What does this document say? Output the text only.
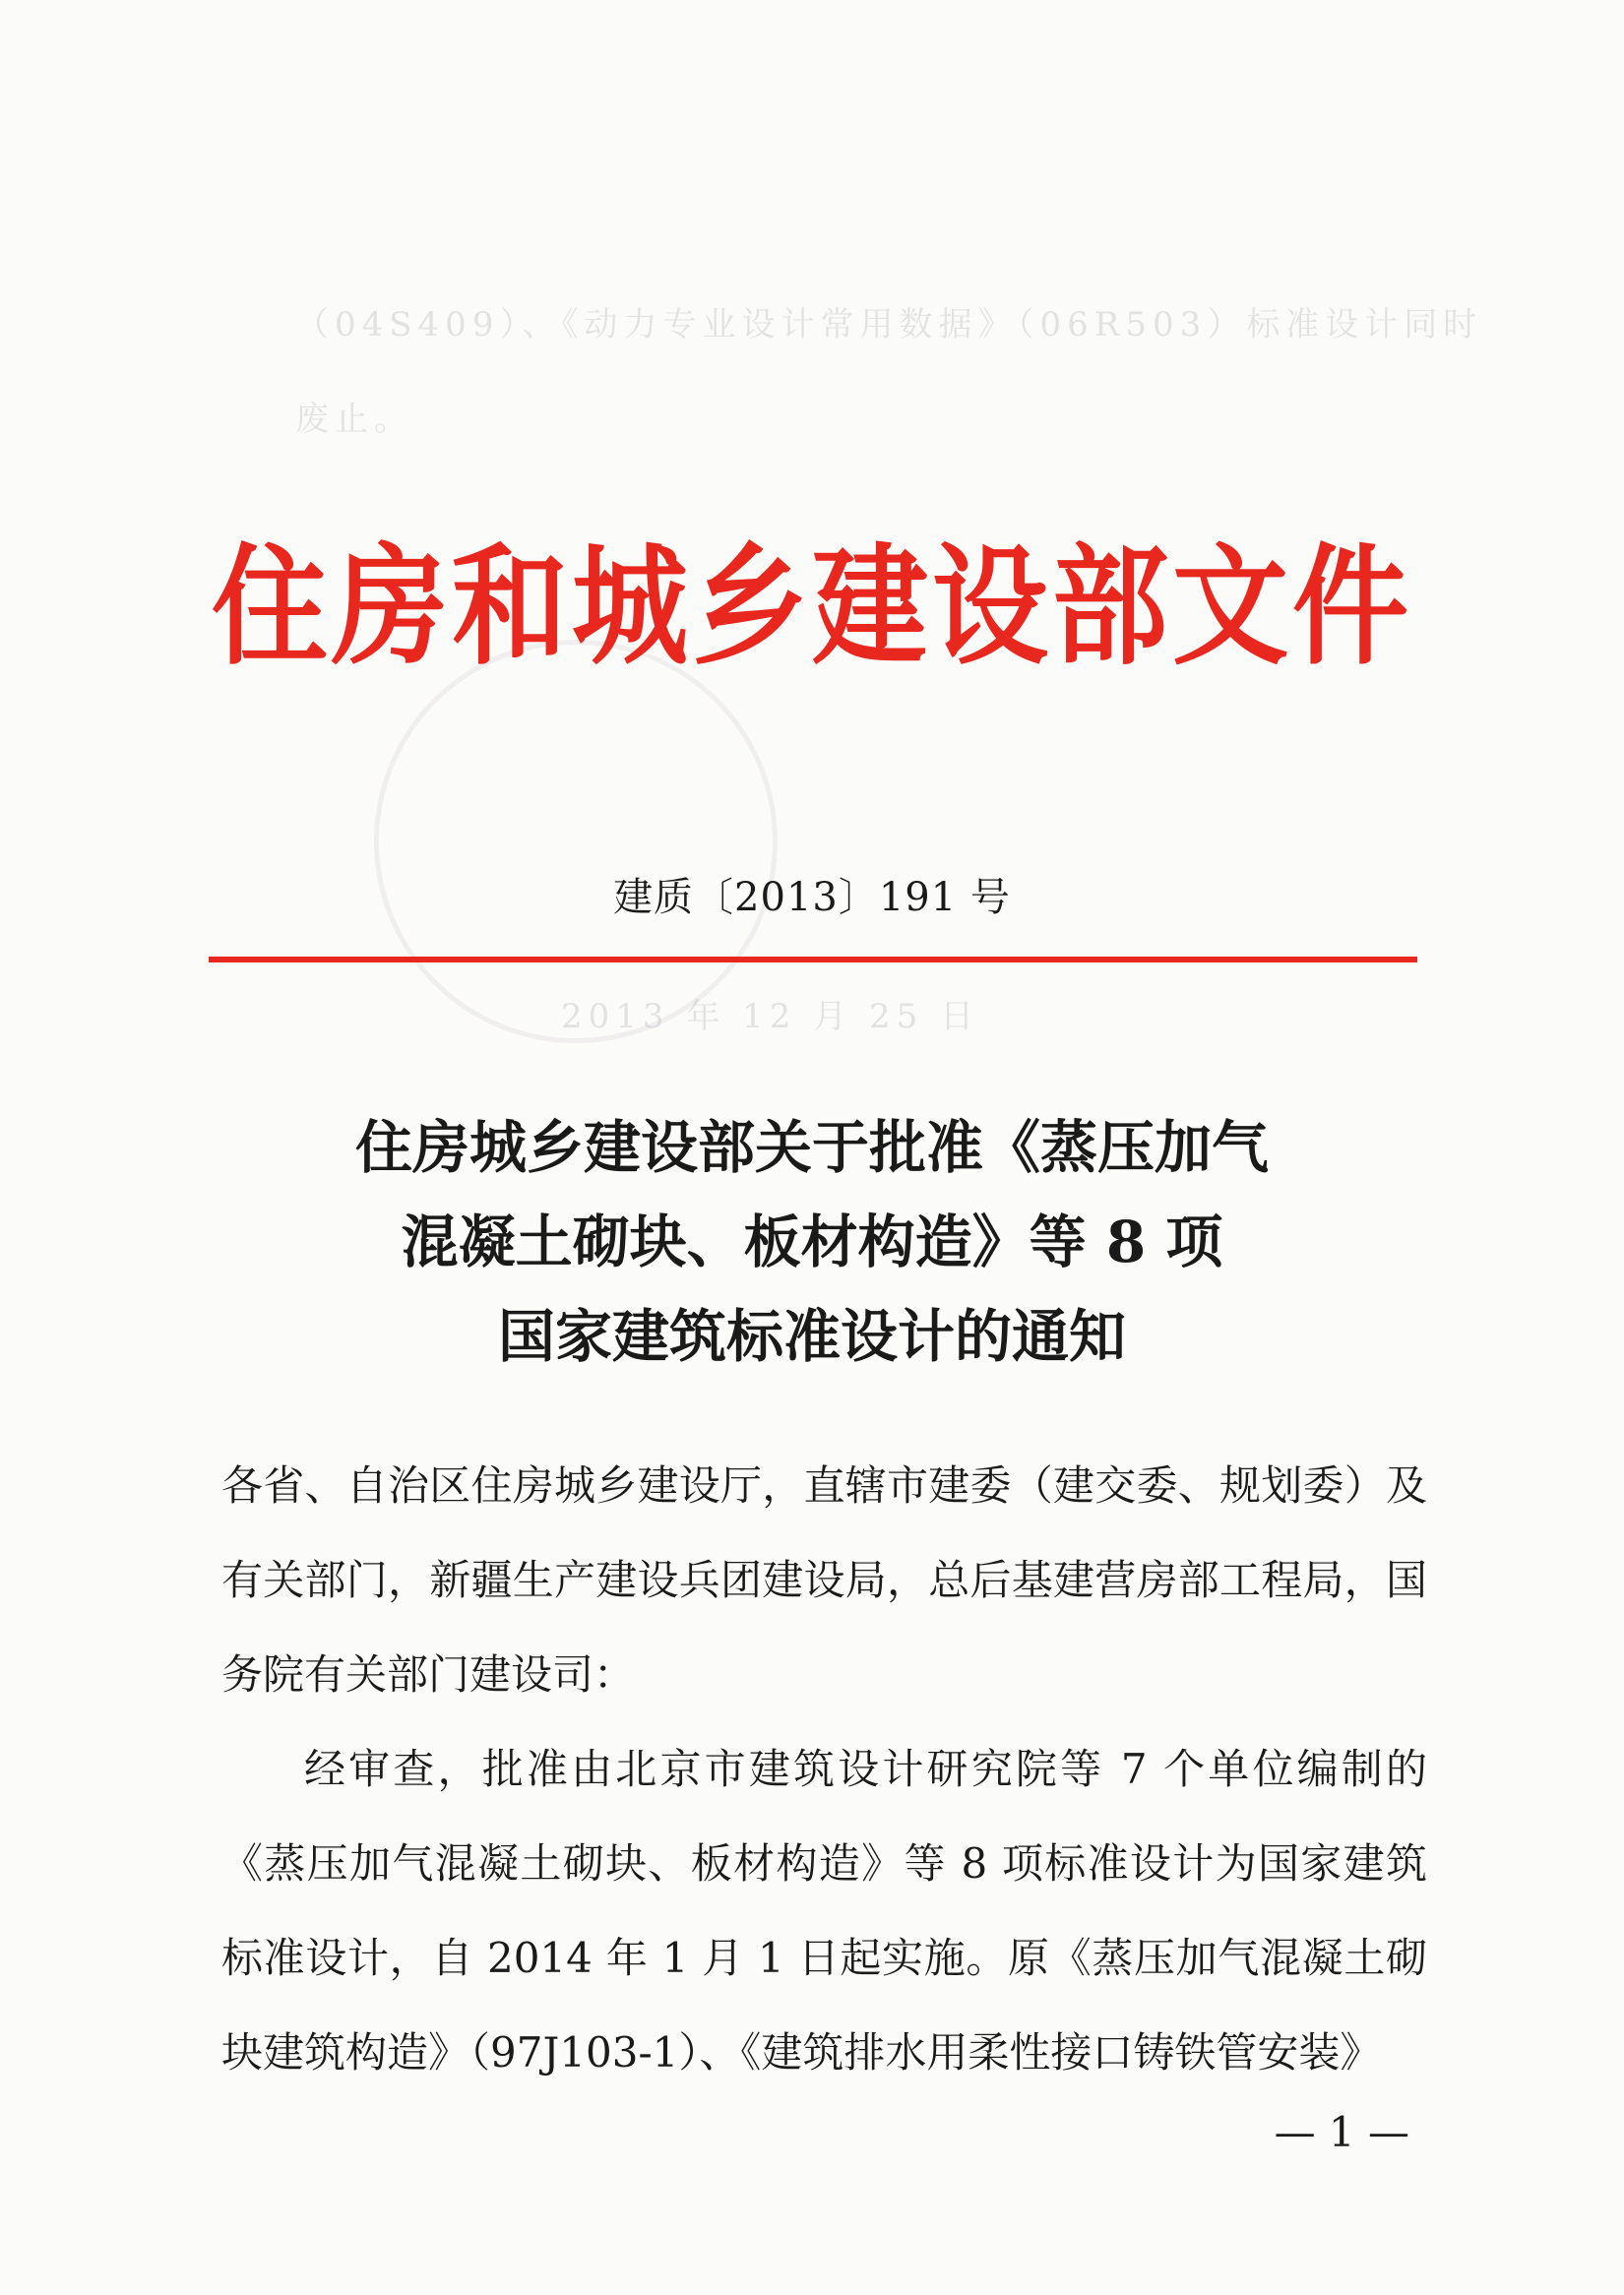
（04S409）、《动力专业设计常用数据》（06R503）标准设计同时
废止。
2013 年 12 月 25 日
住房和城乡建设部文件
建质〔2013〕191 号
住房城乡建设部关于批准《蒸压加气
混凝土砌块、板材构造》等 8 项
国家建筑标准设计的通知
各省、自治区住房城乡建设厅，直辖市建委（建交委、规划委）及有关部门，新疆生产建设兵团建设局，总后基建营房部工程局，国务院有关部门建设司：
经审查，批准由北京市建筑设计研究院等 7 个单位编制的《蒸压加气混凝土砌块、板材构造》等 8 项标准设计为国家建筑标准设计，自 2014 年 1 月 1 日起实施。原《蒸压加气混凝土砌块建筑构造》（97J103-1）、《建筑排水用柔性接口铸铁管安装》
— 1 —
